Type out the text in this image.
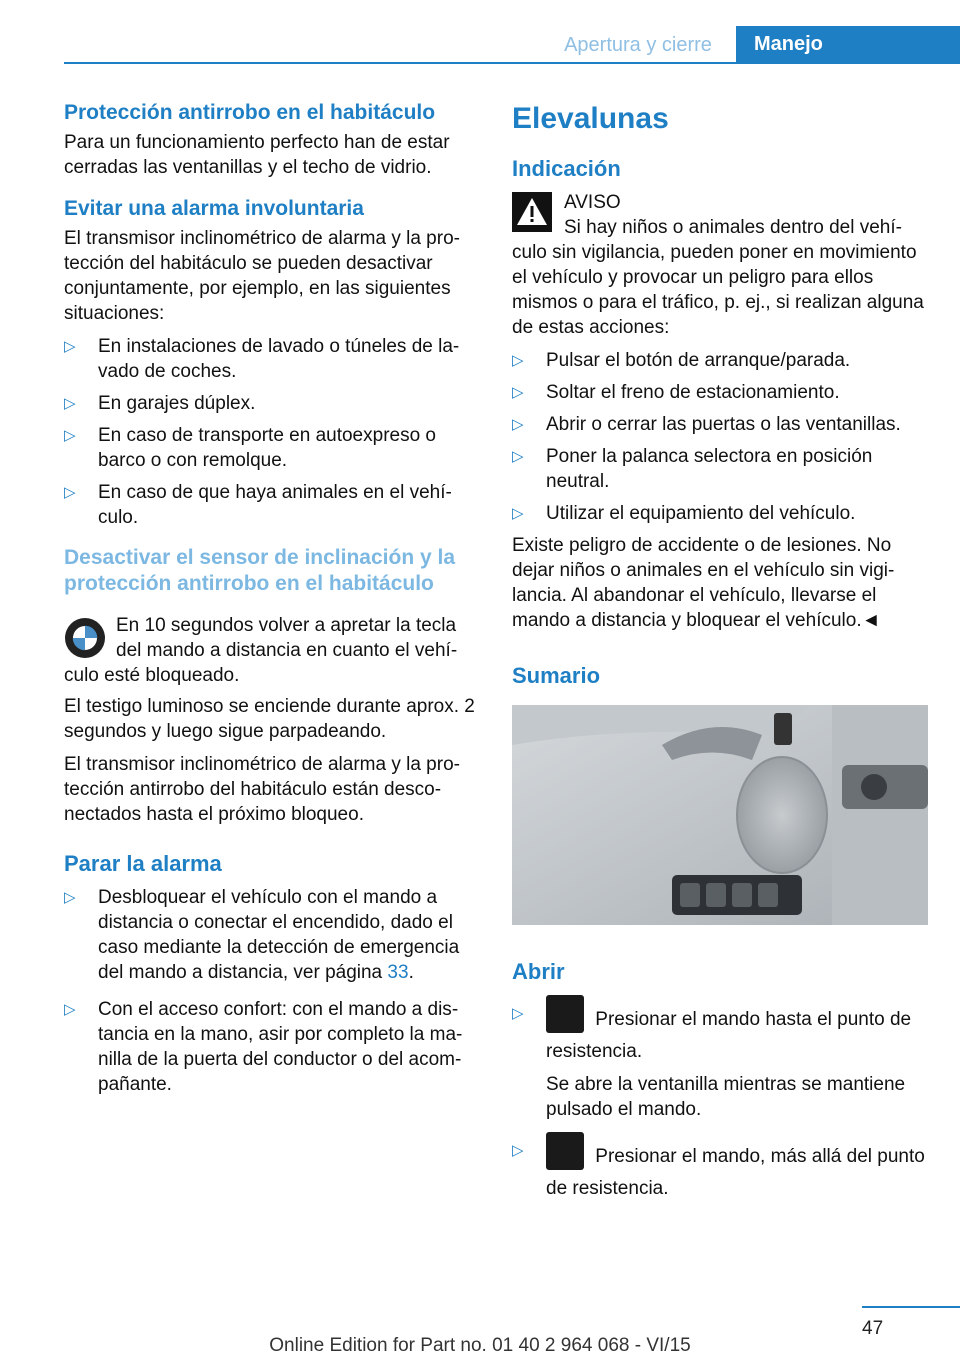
Apertura y cierre	Manejo
Protección antirrobo en el habitáculo

Para un funcionamiento perfecto han de estar cerradas las ventanillas y el techo de vidrio.

Evitar una alarma involuntaria

El transmisor inclinométrico de alarma y la protección del habitáculo se pueden desactivar conjuntamente, por ejemplo, en las siguientes situaciones:

▷ En instalaciones de lavado o túneles de lavado de coches.
▷ En garajes dúplex.
▷ En caso de transporte en autoexpreso o barco o con remolque.
▷ En caso de que haya animales en el vehículo.
Desactivar el sensor de inclinación y la protección antirrobo en el habitáculo

En 10 segundos volver a apretar la tecla del mando a distancia en cuanto el vehículo esté bloqueado.

El testigo luminoso se enciende durante aprox. 2 segundos y luego sigue parpadeando.

El transmisor inclinométrico de alarma y la protección antirrobo del habitáculo están desconectados hasta el próximo bloqueo.

Parar la alarma
▷ Desbloquear el vehículo con el mando a distancia o conectar el encendido, dado el caso mediante la detección de emergencia del mando a distancia, ver página 33.
▷ Con el acceso confort: con el mando a distancia en la mano, asir por completo la manilla de la puerta del conductor o del acompañante.
Elevalunas
Indicación

AVISO

Si hay niños o animales dentro del vehículo sin vigilancia, pueden poner en movimiento el vehículo y provocar un peligro para ellos mismos o para el tráfico, p. ej., si realizan alguna de estas acciones:

▷ Pulsar el botón de arranque/parada.
▷ Soltar el freno de estacionamiento.
▷ Abrir o cerrar las puertas o las ventanillas.
▷ Poner la palanca selectora en posición neutral.
▷ Utilizar el equipamiento del vehículo.

Existe peligro de accidente o de lesiones. No dejar niños o animales en el vehículo sin vigilancia. Al abandonar el vehículo, llevarse el mando a distancia y bloquear el vehículo.◄

Sumario
Abrir
▷	Presionar el mando hasta el punto de resistencia.
Se abre la ventanilla mientras se mantiene pulsado el mando.
▷	Presionar el mando, más allá del punto de resistencia.
47
Online Edition for Part no. 01 40 2 964 068 - VI/15
